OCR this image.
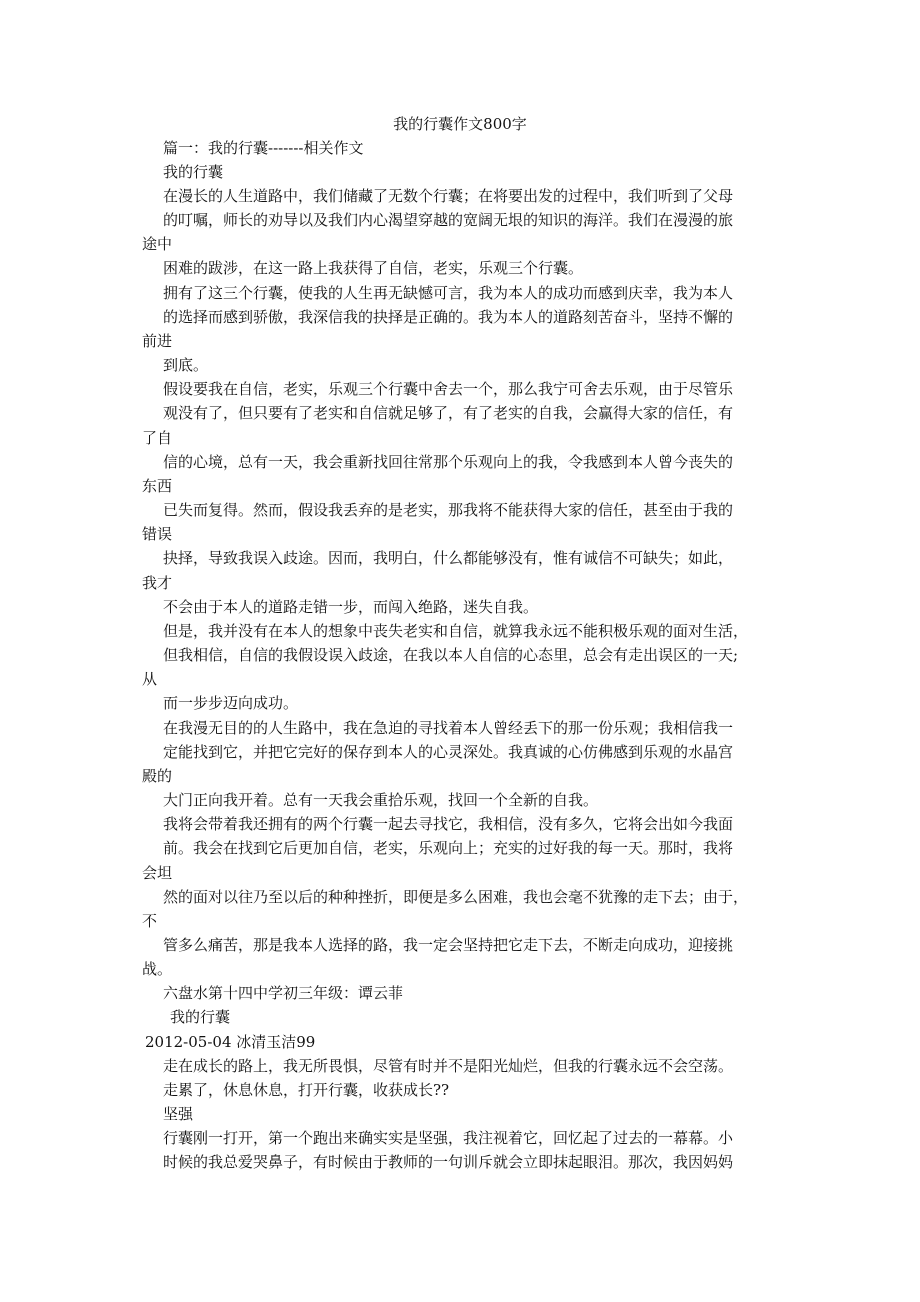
我的行囊作文800字
篇一：我的行囊-------相关作文
我的行囊
在漫长的人生道路中，我们储藏了无数个行囊；在将要出发的过程中，我们听到了父母
的叮嘱，师长的劝导以及我们内心渴望穿越的宽阔无垠的知识的海洋。我们在漫漫的旅
途中
困难的跋涉，在这一路上我获得了自信，老实，乐观三个行囊。
拥有了这三个行囊，使我的人生再无缺憾可言，我为本人的成功而感到庆幸，我为本人
的选择而感到骄傲，我深信我的抉择是正确的。我为本人的道路刻苦奋斗，坚持不懈的
前进
到底。
假设要我在自信，老实，乐观三个行囊中舍去一个，那么我宁可舍去乐观，由于尽管乐
观没有了，但只要有了老实和自信就足够了，有了老实的自我，会赢得大家的信任，有
了自
信的心境，总有一天，我会重新找回往常那个乐观向上的我，令我感到本人曾今丧失的
东西
已失而复得。然而，假设我丢弃的是老实，那我将不能获得大家的信任，甚至由于我的
错误
抉择，导致我误入歧途。因而，我明白，什么都能够没有，惟有诚信不可缺失；如此，
我才
不会由于本人的道路走错一步，而闯入绝路，迷失自我。
但是，我并没有在本人的想象中丧失老实和自信，就算我永远不能积极乐观的面对生活，
但我相信，自信的我假设误入歧途，在我以本人自信的心态里，总会有走出误区的一天;
从
而一步步迈向成功。
在我漫无目的的人生路中，我在急迫的寻找着本人曾经丢下的那一份乐观；我相信我一
定能找到它，并把它完好的保存到本人的心灵深处。我真诚的心仿佛感到乐观的水晶宫
殿的
大门正向我开着。总有一天我会重拾乐观，找回一个全新的自我。
我将会带着我还拥有的两个行囊一起去寻找它，我相信，没有多久，它将会出如今我面
前。我会在找到它后更加自信，老实，乐观向上；充实的过好我的每一天。那时，我将
会坦
然的面对以往乃至以后的种种挫折，即便是多么困难，我也会毫不犹豫的走下去；由于，
不
管多么痛苦，那是我本人选择的路，我一定会坚持把它走下去，不断走向成功，迎接挑
战。
六盘水第十四中学初三年级：谭云菲
我的行囊
2012-05-04 冰清玉洁99
走在成长的路上，我无所畏惧，尽管有时并不是阳光灿烂，但我的行囊永远不会空荡。
走累了，休息休息，打开行囊，收获成长??
坚强
行囊刚一打开，第一个跑出来确实实是坚强，我注视着它，回忆起了过去的一幕幕。小
时候的我总爱哭鼻子，有时候由于教师的一句训斥就会立即抹起眼泪。那次，我因妈妈
